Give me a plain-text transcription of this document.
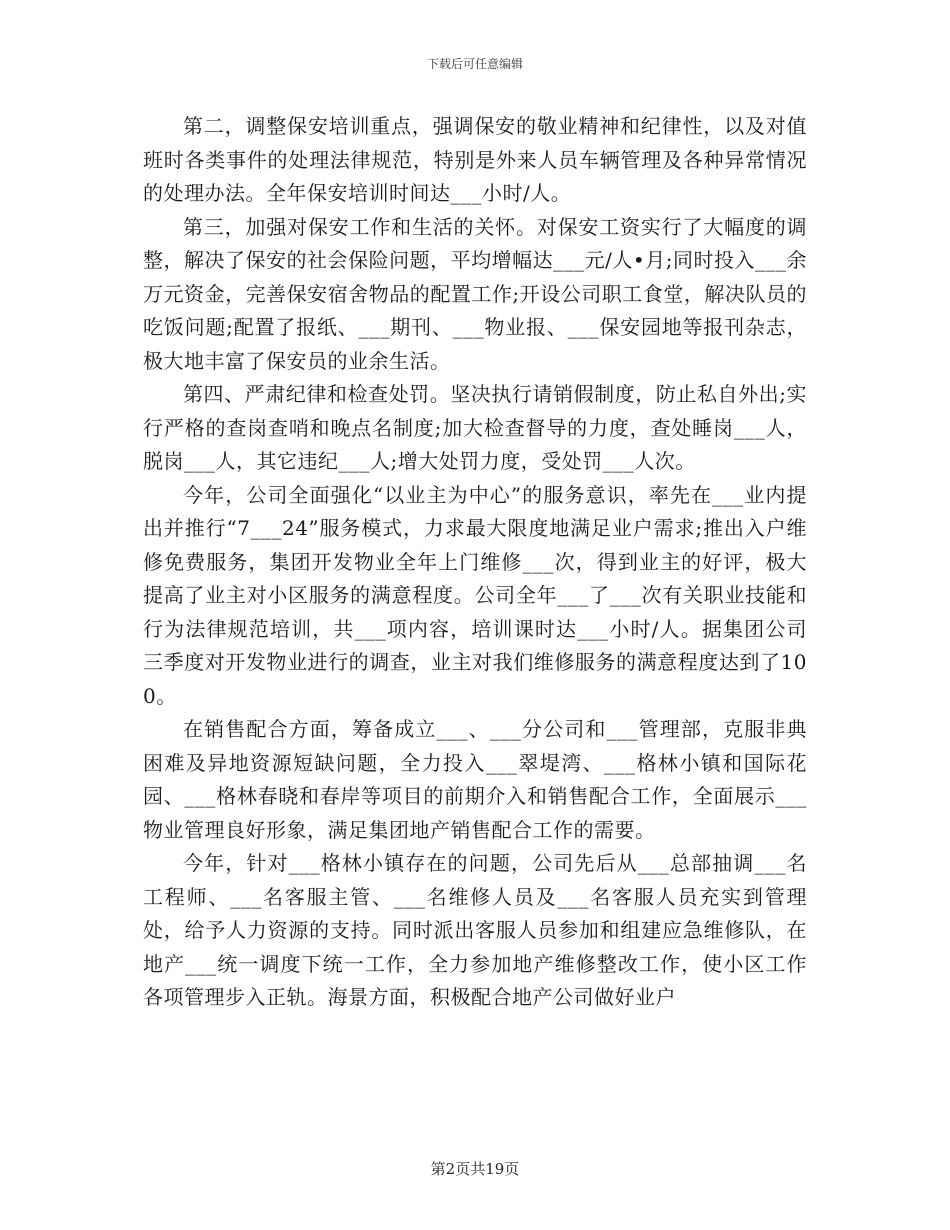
下载后可任意编辑

第二，调整保安培训重点，强调保安的敬业精神和纪律性，以及对值班时各类事件的处理法律规范，特别是外来人员车辆管理及各种异常情况的处理办法。全年保安培训时间达___小时/人。

第三，加强对保安工作和生活的关怀。对保安工资实行了大幅度的调整，解决了保安的社会保险问题，平均增幅达___元/人•月;同时投入___余万元资金，完善保安宿舍物品的配置工作;开设公司职工食堂，解决队员的吃饭问题;配置了报纸、___期刊、___物业报、___保安园地等报刊杂志，极大地丰富了保安员的业余生活。

第四、严肃纪律和检查处罚。坚决执行请销假制度，防止私自外出;实行严格的查岗查哨和晚点名制度;加大检查督导的力度，查处睡岗___人，脱岗___人，其它违纪___人;增大处罚力度，受处罚___人次。

今年，公司全面强化“以业主为中心”的服务意识，率先在___业内提出并推行“7___24”服务模式，力求最大限度地满足业户需求;推出入户维修免费服务，集团开发物业全年上门维修___次，得到业主的好评，极大提高了业主对小区服务的满意程度。公司全年___了___次有关职业技能和行为法律规范培训，共___项内容，培训课时达___小时/人。据集团公司三季度对开发物业进行的调查，业主对我们维修服务的满意程度达到了100。

在销售配合方面，筹备成立___、___分公司和___管理部，克服非典困难及异地资源短缺问题，全力投入___翠堤湾、___格林小镇和国际花园、___格林春晓和春岸等项目的前期介入和销售配合工作，全面展示___物业管理良好形象，满足集团地产销售配合工作的需要。

今年，针对___格林小镇存在的问题，公司先后从___总部抽调___名工程师、___名客服主管、___名维修人员及___名客服人员充实到管理处，给予人力资源的支持。同时派出客服人员参加和组建应急维修队，在地产___统一调度下统一工作，全力参加地产维修整改工作，使小区工作各项管理步入正轨。海景方面，积极配合地产公司做好业户

第2页共19页
